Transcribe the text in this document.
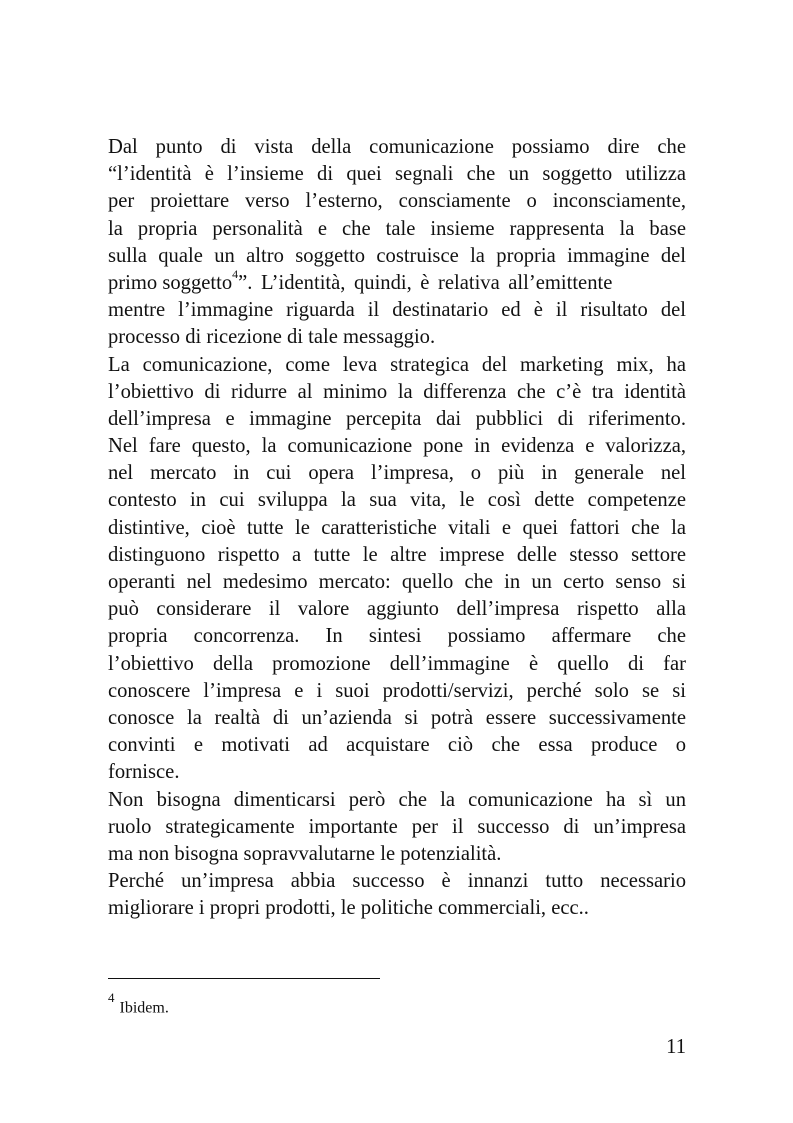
Dal punto di vista della comunicazione possiamo dire che
“l’identità è l’insieme di quei segnali che un soggetto utilizza
per proiettare verso l’esterno, consciamente o inconsciamente,
la propria personalità e che tale insieme rappresenta la base
sulla quale un altro soggetto costruisce la propria immagine del
primo soggetto$^4$”. L’identità, quindi, è relativa all’emittente
mentre l’immagine riguarda il destinatario ed è il risultato del
processo di ricezione di tale messaggio.
La comunicazione, come leva strategica del marketing mix, ha
l’obiettivo di ridurre al minimo la differenza che c’è tra identità
dell’impresa e immagine percepita dai pubblici di riferimento.
Nel fare questo, la comunicazione pone in evidenza e valorizza,
nel mercato in cui opera l’impresa, o più in generale nel
contesto in cui sviluppa la sua vita, le così dette competenze
distintive, cioè tutte le caratteristiche vitali e quei fattori che la
distinguono rispetto a tutte le altre imprese delle stesso settore
operanti nel medesimo mercato: quello che in un certo senso si
può considerare il valore aggiunto dell’impresa rispetto alla
propria concorrenza. In sintesi possiamo affermare che
l’obiettivo della promozione dell’immagine è quello di far
conoscere l’impresa e i suoi prodotti/servizi, perché solo se si
conosce la realtà di un’azienda si potrà essere successivamente
convinti e motivati ad acquistare ciò che essa produce o
fornisce.
Non bisogna dimenticarsi però che la comunicazione ha sì un
ruolo strategicamente importante per il successo di un’impresa
ma non bisogna sopravvalutarne le potenzialità.
Perché un’impresa abbia successo è innanzi tutto necessario
migliorare i propri prodotti, le politiche commerciali, ecc..
$^4$Ibidem.
11
